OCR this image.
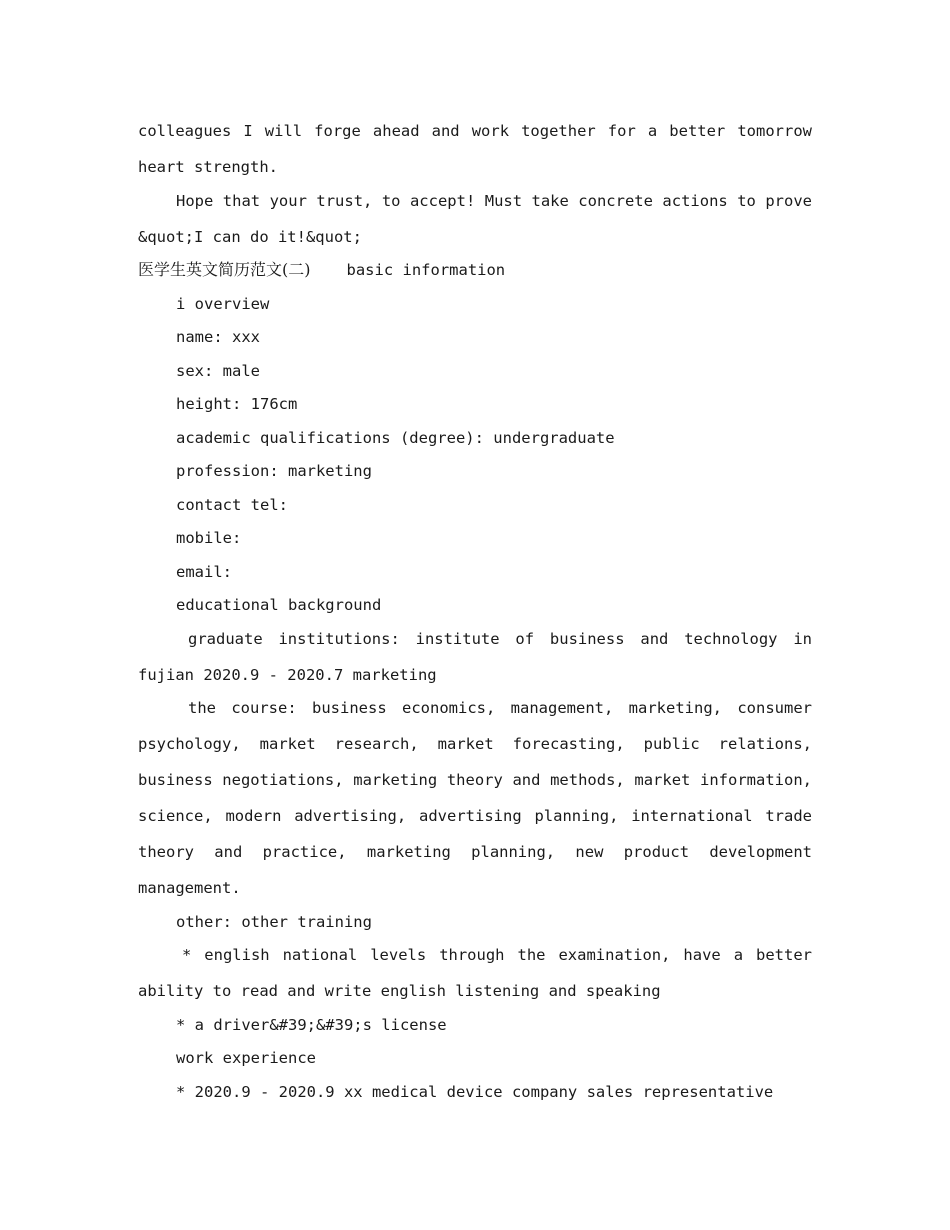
colleagues I will forge ahead and work together for a better tomorrow
heart strength.
Hope that your trust, to accept! Must take concrete actions to prove
&quot;I can do it!&quot;
医学生英文简历范文(二) basic information
i overview
name: xxx
sex: male
height: 176cm
academic qualifications (degree): undergraduate
profession: marketing
contact tel:
mobile:
email:
educational background
graduate institutions: institute of business and technology in
fujian 2020.9 - 2020.7 marketing
the course: business economics, management, marketing, consumer
psychology, market research, market forecasting, public relations,
business negotiations, marketing theory and methods, market information,
science, modern advertising, advertising planning, international trade
theory and practice, marketing planning, new product development
management.
other: other training
* english national levels through the examination, have a better
ability to read and write english listening and speaking
* a driver&#39;&#39;s license
work experience
* 2020.9 - 2020.9 xx medical device company sales representative
